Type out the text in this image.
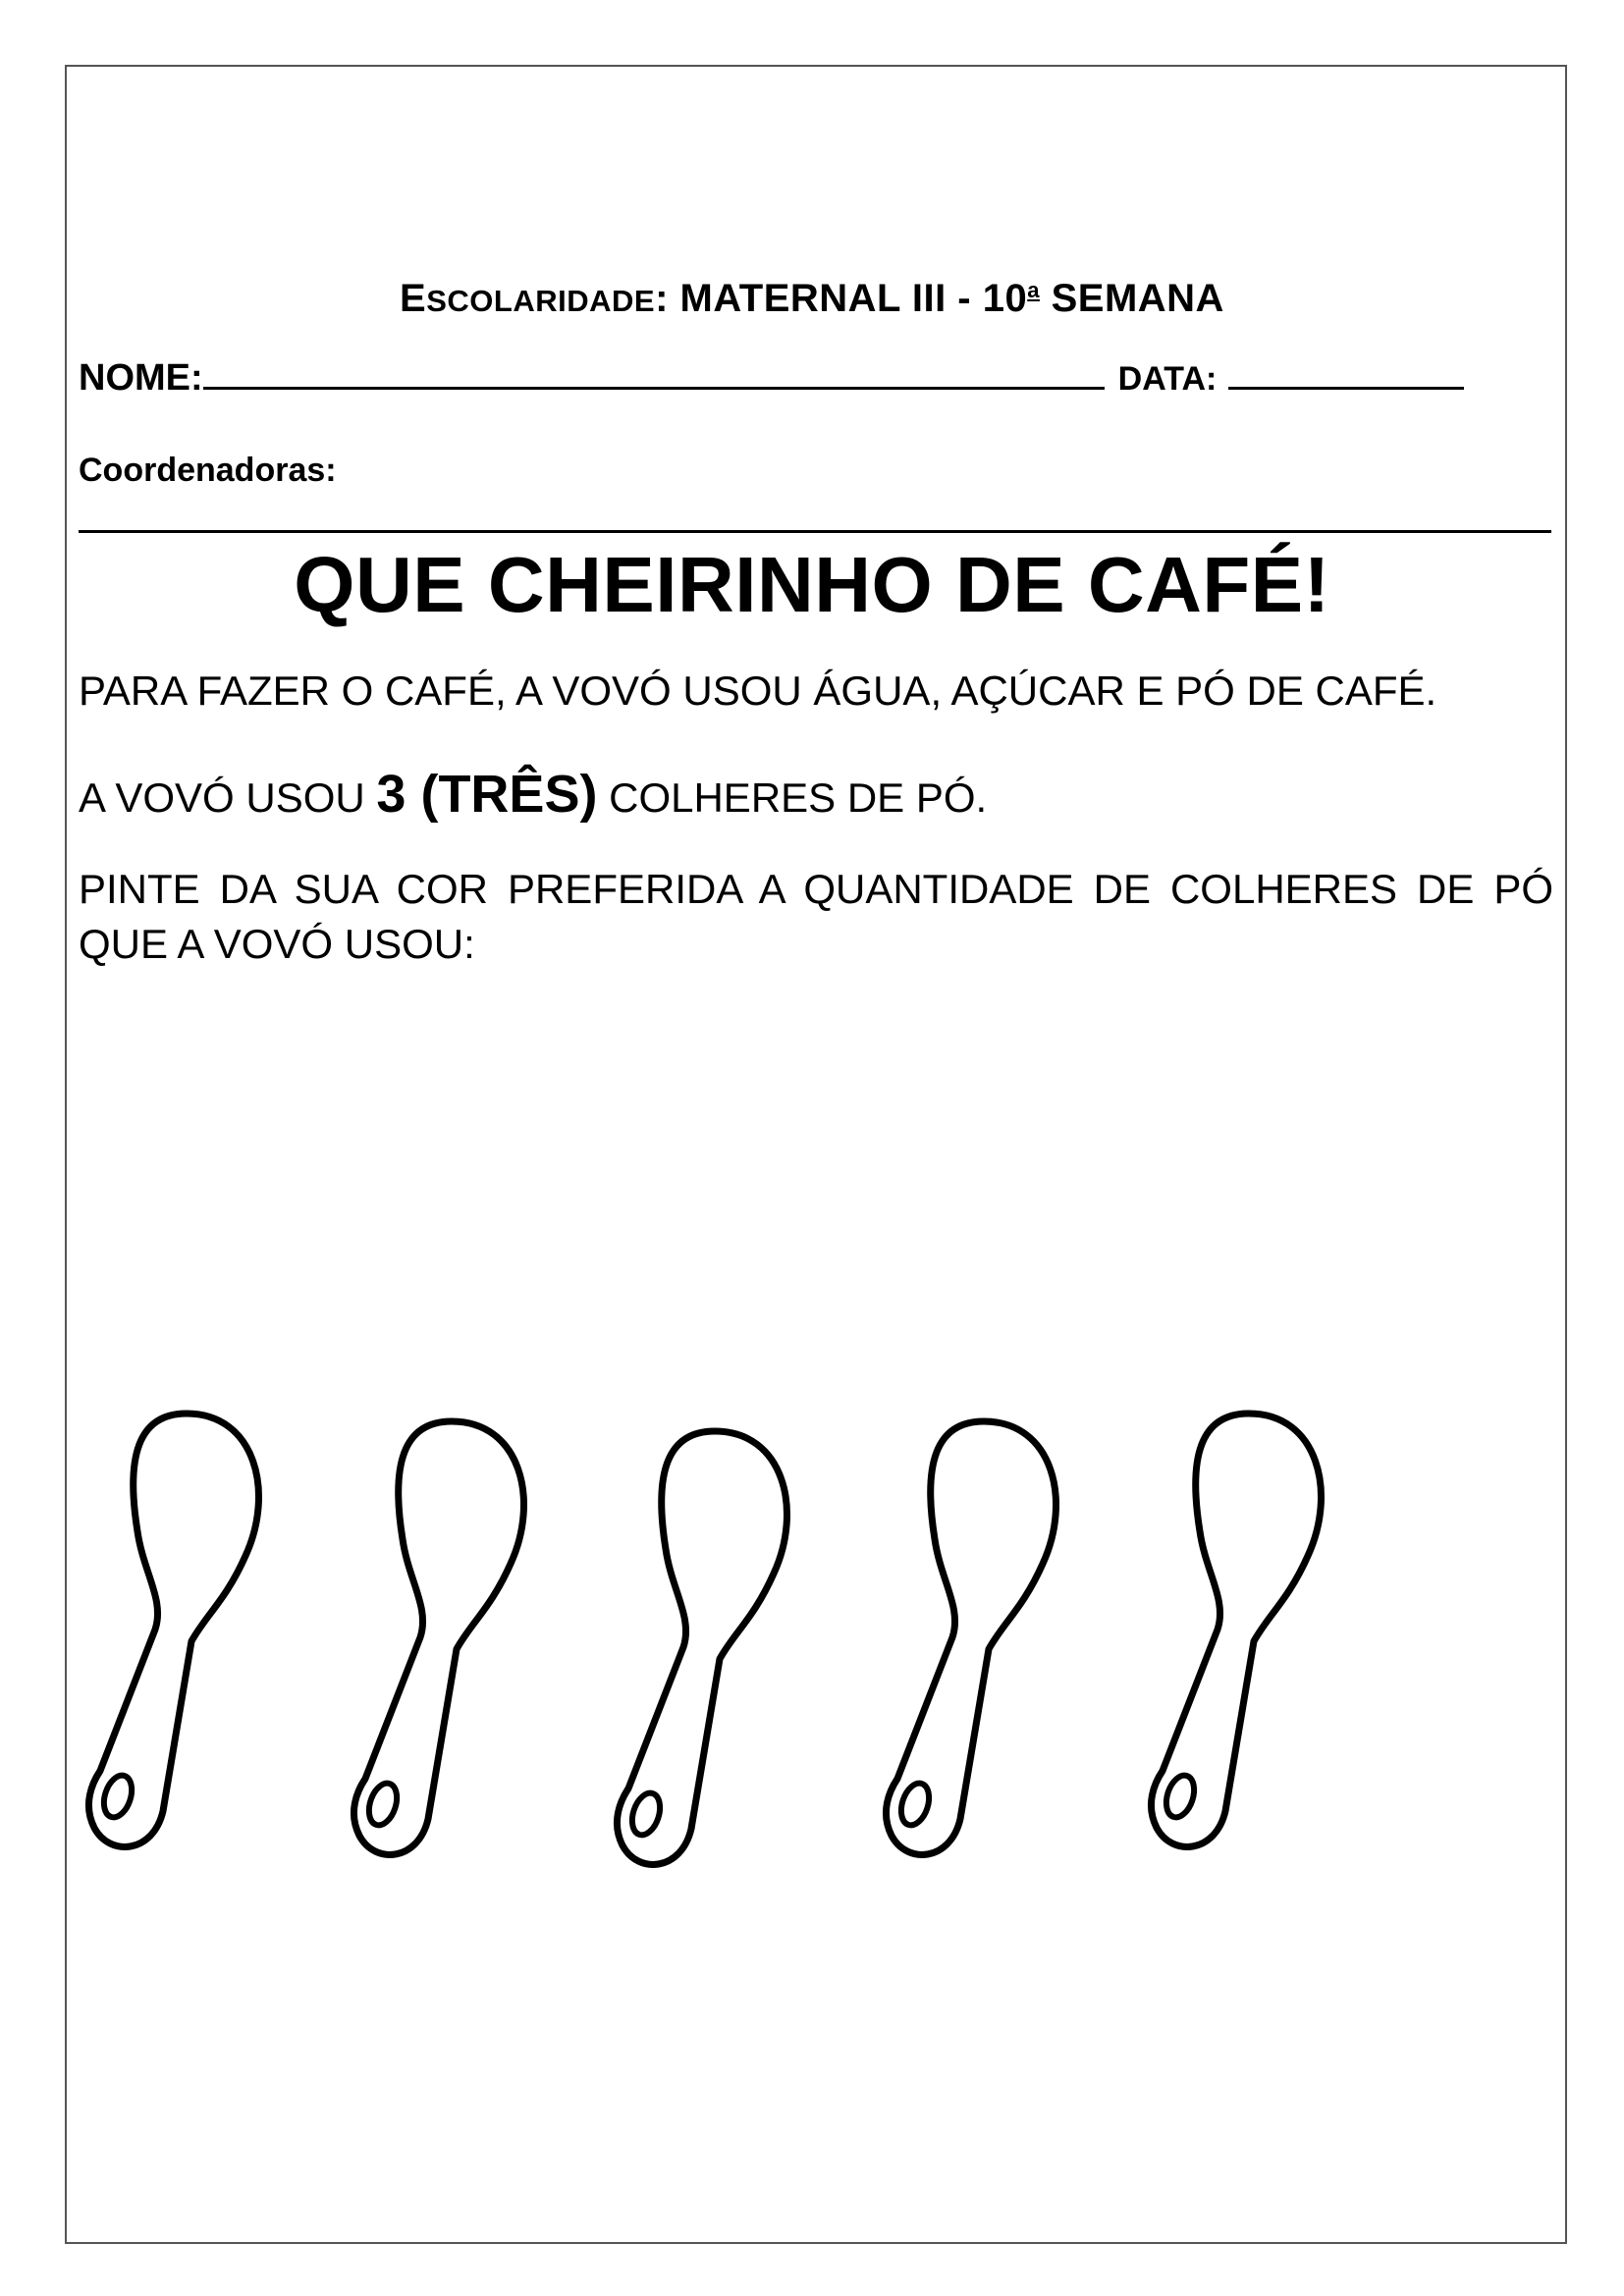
ESCOLARIDADE: MATERNAL III - 10$^a$ SEMANA
NOME:	DATA:
Coordenadoras:
QUE CHEIRINHO DE CAFÉ!
PARA FAZER O CAFÉ, A VOVÓ USOU ÁGUA, AÇÚCAR E PÓ DE CAFÉ.
A VOVÓ USOU 3 (TRÊS) COLHERES DE PÓ.
PINTE DA SUA COR PREFERIDA A QUANTIDADE DE COLHERES DE PÓ QUE A VOVÓ USOU:
